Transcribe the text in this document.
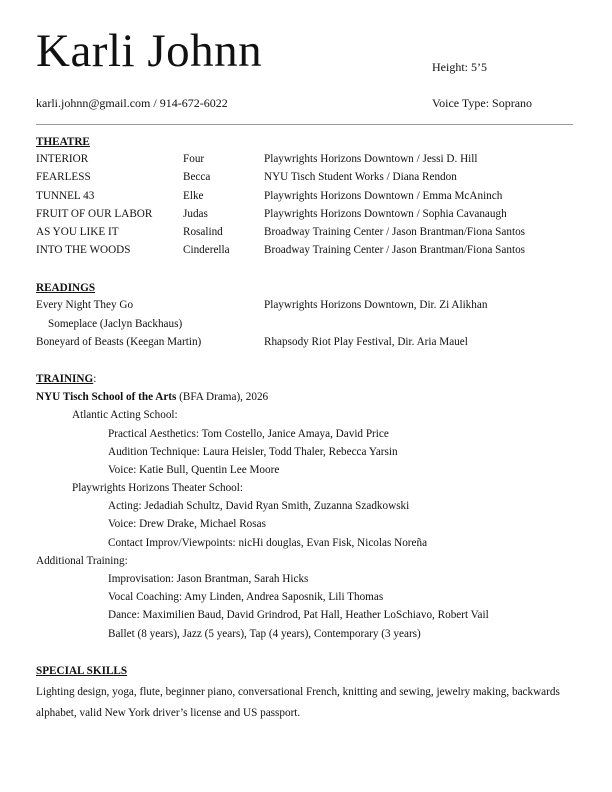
Karli Johnn	Height: 5’5
karli.johnn@gmail.com / 914-672-6022	Voice Type: Soprano
THEATRE
INTERIOR	Four	Playwrights Horizons Downtown / Jessi D. Hill
FEARLESS	Becca	NYU Tisch Student Works / Diana Rendon
TUNNEL 43	Elke	Playwrights Horizons Downtown / Emma McAninch
FRUIT OF OUR LABOR	Judas	Playwrights Horizons Downtown / Sophia Cavanaugh
AS YOU LIKE IT	Rosalind	Broadway Training Center / Jason Brantman/Fiona Santos
INTO THE WOODS	Cinderella	Broadway Training Center / Jason Brantman/Fiona Santos
READINGS
Every Night They Go	Playwrights Horizons Downtown, Dir. Zi Alikhan
Someplace (Jaclyn Backhaus)
Boneyard of Beasts (Keegan Martin)	Rhapsody Riot Play Festival, Dir. Aria Mauel
TRAINING:
NYU Tisch School of the Arts (BFA Drama), 2026
Atlantic Acting School:
Practical Aesthetics: Tom Costello, Janice Amaya, David Price
Audition Technique: Laura Heisler, Todd Thaler, Rebecca Yarsin
Voice: Katie Bull, Quentin Lee Moore
Playwrights Horizons Theater School:
Acting: Jedadiah Schultz, David Ryan Smith, Zuzanna Szadkowski
Voice: Drew Drake, Michael Rosas
Contact Improv/Viewpoints: nicHi douglas, Evan Fisk, Nicolas Noreña
Additional Training:
Improvisation: Jason Brantman, Sarah Hicks
Vocal Coaching: Amy Linden, Andrea Saposnik, Lili Thomas
Dance: Maximilien Baud, David Grindrod, Pat Hall, Heather LoSchiavo, Robert Vail
Ballet (8 years), Jazz (5 years), Tap (4 years), Contemporary (3 years)
SPECIAL SKILLS
Lighting design, yoga, flute, beginner piano, conversational French, knitting and sewing, jewelry making, backwards alphabet, valid New York driver’s license and US passport.
